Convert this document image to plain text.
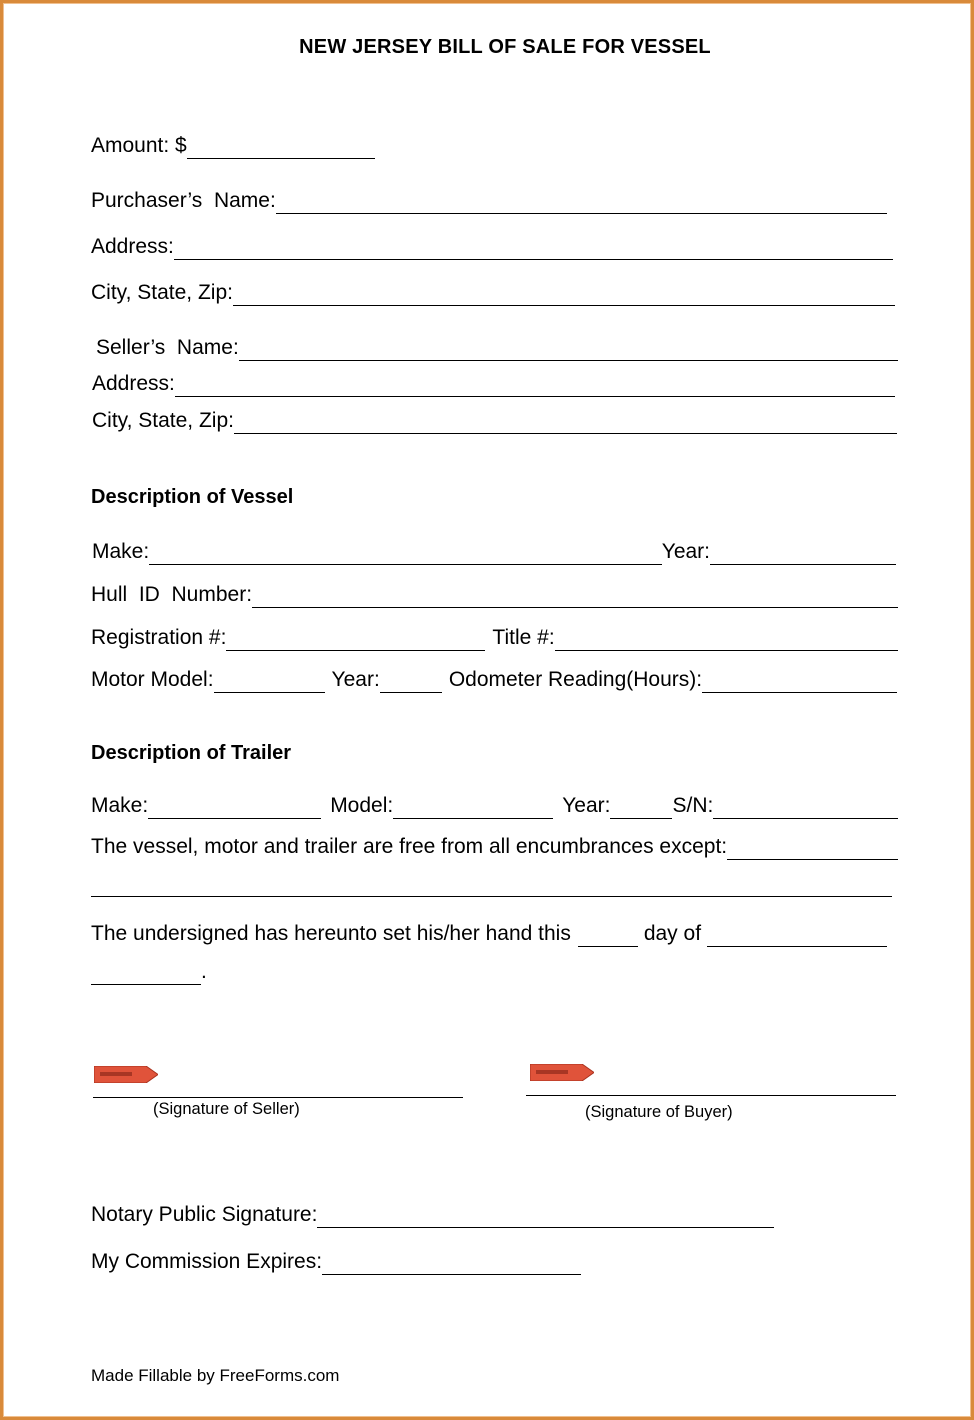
NEW JERSEY BILL OF SALE FOR VESSEL
Amount: $
Purchaser’s  Name:
Address:
City, State, Zip:
Seller’s  Name:
Address:
City, State, Zip:
Description of Vessel
Make:	Year:
Hull  ID  Number:
Registration #:	Title #:
Motor Model:	Year:	Odometer Reading(Hours):
Description of Trailer
Make:	Model:	Year:	S/N:
The vessel, motor and trailer are free from all encumbrances except:
The undersigned has hereunto set his/her hand this	day of
.
(Signature of Seller)	(Signature of Buyer)
Notary Public Signature:
My Commission Expires:
Made Fillable by FreeForms.com
